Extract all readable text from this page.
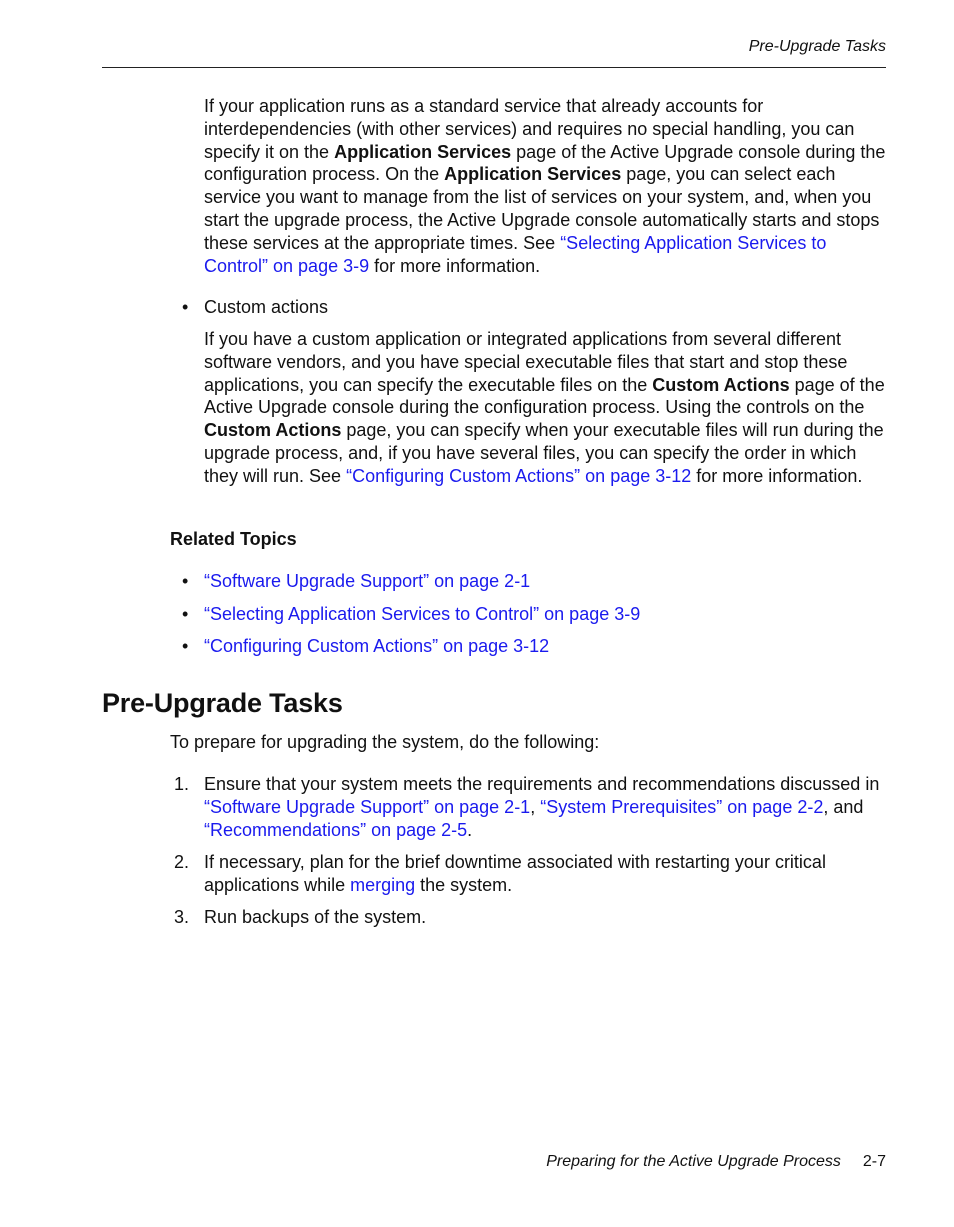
Pre-Upgrade Tasks

If your application runs as a standard service that already accounts for interdependencies (with other services) and requires no special handling, you can specify it on the Application Services page of the Active Upgrade console during the configuration process. On the Application Services page, you can select each service you want to manage from the list of services on your system, and, when you start the upgrade process, the Active Upgrade console automatically starts and stops these services at the appropriate times. See “Selecting Application Services to Control” on page 3-9 for more information.

• Custom actions

If you have a custom application or integrated applications from several different software vendors, and you have special executable files that start and stop these applications, you can specify the executable files on the Custom Actions page of the Active Upgrade console during the configuration process. Using the controls on the Custom Actions page, you can specify when your executable files will run during the upgrade process, and, if you have several files, you can specify the order in which they will run. See “Configuring Custom Actions” on page 3-12 for more information.

Related Topics
• “Software Upgrade Support” on page 2-1
• “Selecting Application Services to Control” on page 3-9
• “Configuring Custom Actions” on page 3-12
Pre-Upgrade Tasks

To prepare for upgrading the system, do the following:

1. Ensure that your system meets the requirements and recommendations discussed in “Software Upgrade Support” on page 2-1, “System Prerequisites” on page 2-2, and “Recommendations” on page 2-5.
2. If necessary, plan for the brief downtime associated with restarting your critical applications while merging the system.
3. Run backups of the system.
Preparing for the Active Upgrade Process 2-7
